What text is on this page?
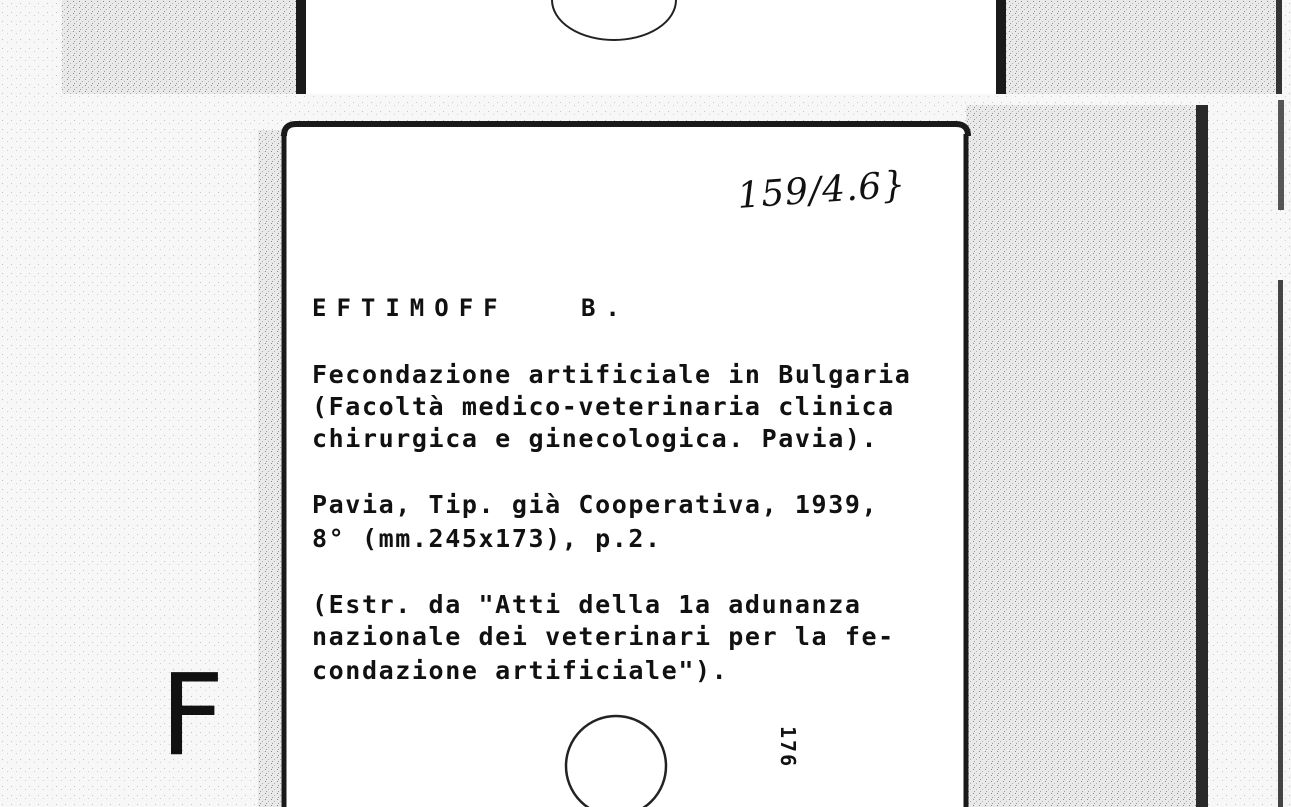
159/4.6}
EFTIMOFF   B.
Fecondazione artificiale in Bulgaria
(Facoltà medico-veterinaria clinica
chirurgica e ginecologica. Pavia).
Pavia, Tip. già Cooperativa, 1939,
8° (mm.245x173), p.2.
(Estr. da "Atti della 1a adunanza
nazionale dei veterinari per la fe-
condazione artificiale").
176
F
